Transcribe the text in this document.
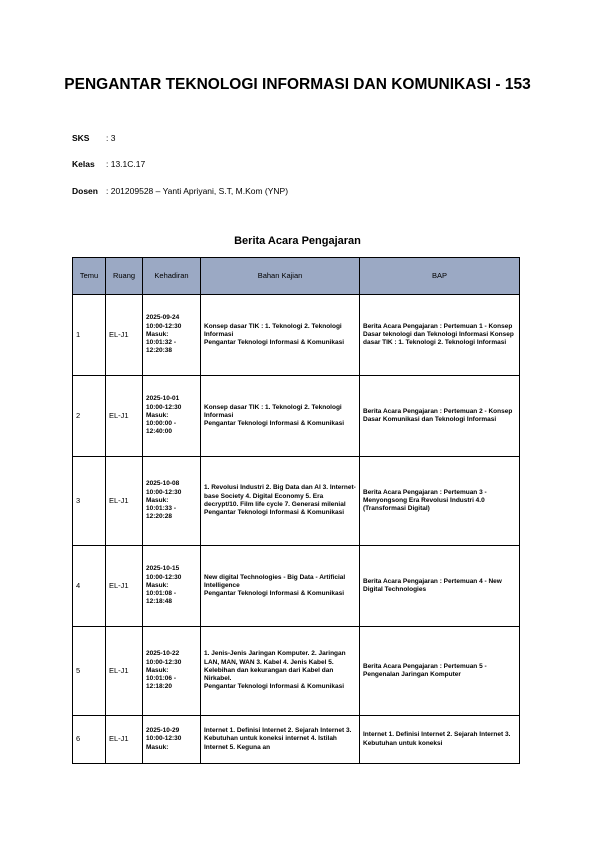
PENGANTAR TEKNOLOGI INFORMASI DAN KOMUNIKASI - 153
SKS : 3
Kelas : 13.1C.17
Dosen : 201209528 – Yanti Apriyani, S.T, M.Kom (YNP)
Berita Acara Pengajaran
Temu	Ruang	Kehadiran	Bahan Kajian	BAP
1	EL-J1	2025-09-24
10:00-12:30
Masuk:
10:01:32 -
12:20:38	Konsep dasar TIK : 1. Teknologi 2. Teknologi Informasi
Pengantar Teknologi Informasi & Komunikasi	Berita Acara Pengajaran : Pertemuan 1 - Konsep Dasar teknologi dan Teknologi Informasi Konsep dasar TIK : 1. Teknologi 2. Teknologi Informasi

2	EL-J1	2025-10-01
10:00-12:30
Masuk:
10:00:00 -
12:40:00	Konsep dasar TIK : 1. Teknologi 2. Teknologi Informasi
Pengantar Teknologi Informasi & Komunikasi	Berita Acara Pengajaran : Pertemuan 2 - Konsep Dasar Komunikasi dan Teknologi Informasi

3	EL-J1	2025-10-08
10:00-12:30
Masuk:
10:01:33 -
12:20:28	1. Revolusi Industri 2. Big Data dan AI 3. Internet-base Society 4. Digital Economy 5. Era decrypt/10. Film life cycle 7. Generasi milenial
Pengantar Teknologi Informasi & Komunikasi	Berita Acara Pengajaran : Pertemuan 3 - Menyongsong Era Revolusi Industri 4.0 (Transformasi Digital)

4	EL-J1	2025-10-15
10:00-12:30
Masuk:
10:01:08 -
12:18:48	New digital Technologies - Big Data - Artificial Intelligence
Pengantar Teknologi Informasi & Komunikasi	Berita Acara Pengajaran : Pertemuan 4 - New Digital Technologies

5	EL-J1	2025-10-22
10:00-12:30
Masuk:
10:01:06 -
12:18:20	1. Jenis-Jenis Jaringan Komputer. 2. Jaringan LAN, MAN, WAN 3. Kabel 4. Jenis Kabel 5. Kelebihan dan kekurangan dari Kabel dan Nirkabel.
Pengantar Teknologi Informasi & Komunikasi	Berita Acara Pengajaran : Pertemuan 5 - Pengenalan Jaringan Komputer

6	EL-J1	2025-10-29
10:00-12:30
Masuk:	Internet 1. Definisi Internet 2. Sejarah Internet 3. Kebutuhan untuk koneksi internet 4. Istilah Internet 5. Keguna an	Internet 1. Definisi Internet 2. Sejarah Internet 3. Kebutuhan untuk koneksi
